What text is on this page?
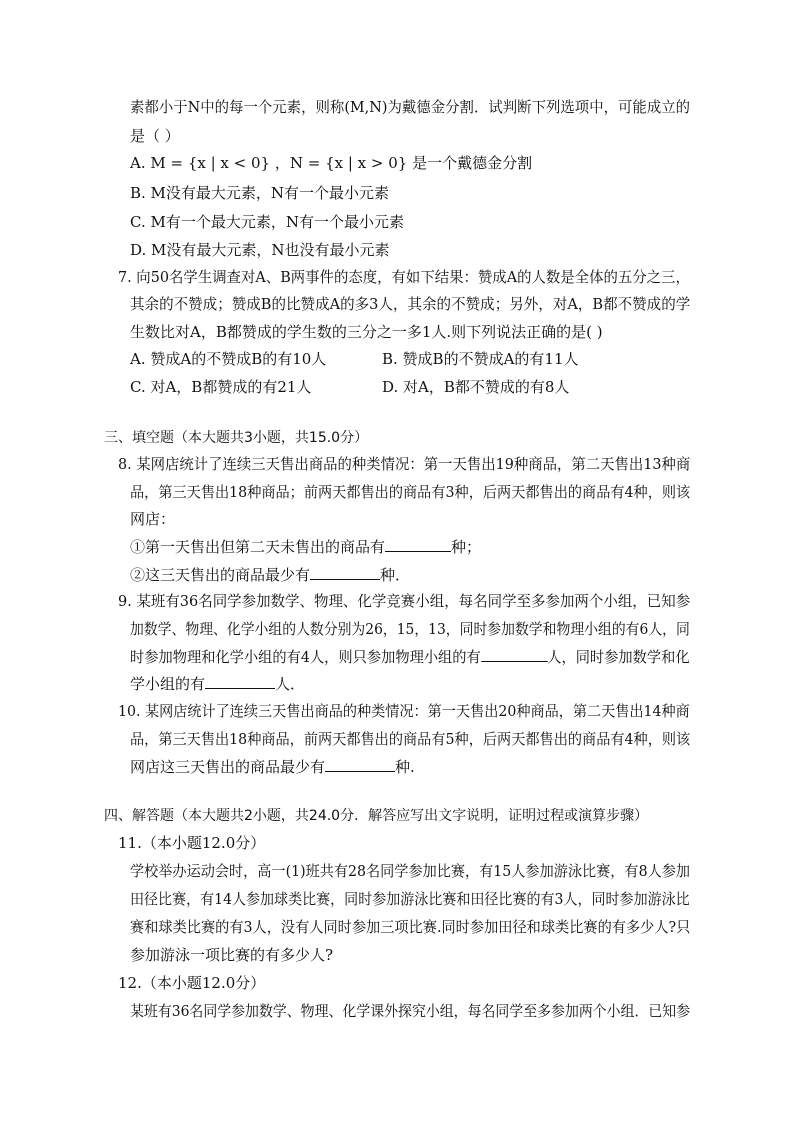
素都小于N中的每一个元素，则称(M,N)为戴德金分割．试判断下列选项中，可能成立的
是（ ）
A. M = {x | x < 0} ，N = {x | x > 0} 是一个戴德金分割
B. M没有最大元素，N有一个最小元素
C. M有一个最大元素，N有一个最小元素
D. M没有最大元素，N也没有最小元素
7. 向50名学生调查对A、B两事件的态度，有如下结果：赞成A的人数是全体的五分之三，
其余的不赞成；赞成B的比赞成A的多3人，其余的不赞成；另外，对A，B都不赞成的学
生数比对A，B都赞成的学生数的三分之一多1人.则下列说法正确的是( )
A. 赞成A的不赞成B的有10人	B. 赞成B的不赞成A的有11人
C. 对A，B都赞成的有21人	D. 对A，B都不赞成的有8人
三、填空题（本大题共3小题，共15.0分）
8. 某网店统计了连续三天售出商品的种类情况：第一天售出19种商品，第二天售出13种商
品，第三天售出18种商品；前两天都售出的商品有3种，后两天都售出的商品有4种，则该
网店：
①第一天售出但第二天未售出的商品有	种；
②这三天售出的商品最少有	种．
9. 某班有36名同学参加数学、物理、化学竞赛小组，每名同学至多参加两个小组，已知参
加数学、物理、化学小组的人数分别为26，15，13，同时参加数学和物理小组的有6人，同
时参加物理和化学小组的有4人，则只参加物理小组的有	人，同时参加数学和化
学小组的有	人．
10. 某网店统计了连续三天售出商品的种类情况：第一天售出20种商品，第二天售出14种商
品，第三天售出18种商品，前两天都售出的商品有5种，后两天都售出的商品有4种，则该
网店这三天售出的商品最少有	种.
四、解答题（本大题共2小题，共24.0分．解答应写出文字说明，证明过程或演算步骤）
11.（本小题12.0分）
学校举办运动会时，高一(1)班共有28名同学参加比赛，有15人参加游泳比赛，有8人参加
田径比赛，有14人参加球类比赛，同时参加游泳比赛和田径比赛的有3人，同时参加游泳比
赛和球类比赛的有3人，没有人同时参加三项比赛.同时参加田径和球类比赛的有多少人?只
参加游泳一项比赛的有多少人?
12.（本小题12.0分）
某班有36名同学参加数学、物理、化学课外探究小组，每名同学至多参加两个小组．已知参
